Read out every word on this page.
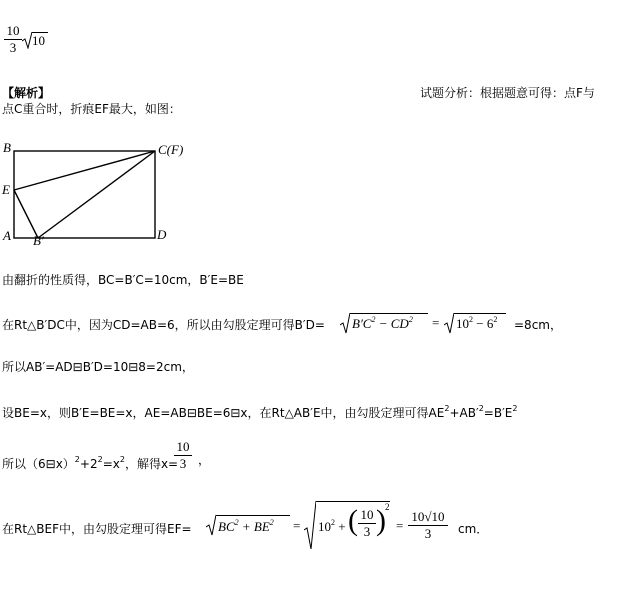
10
3	10
【解析】	试题分析：根据题意可得：点F与
点C重合时，折痕EF最大，如图：
B	C(F)
E
A B′	D
由翻折的性质得，BC=B′C=10cm，B′E=BE
在Rt△B′DC中，因为CD=AB=6，所以由勾股定理可得$B'D= B'C^2 - CD^2 = 10^2 - 6^2 =8cm$，
所以AB′=AD⊟B′D=10⊟8=2cm，
设BE=x，则B′E=BE=x，AE=AB⊟BE=6⊟x，在Rt△AB′E中，由勾股定理可得$AE^2+AB'^2=B'E^2$
所以$(6⊟x)^2+2^2=x^2$，解得x=
10
3 ，
在Rt△BEF中，由勾股定理可得$EF= BC^2 + BE^2 = 10^2$ + ( 10
3 ) 2
=
10√10
3	cm．
